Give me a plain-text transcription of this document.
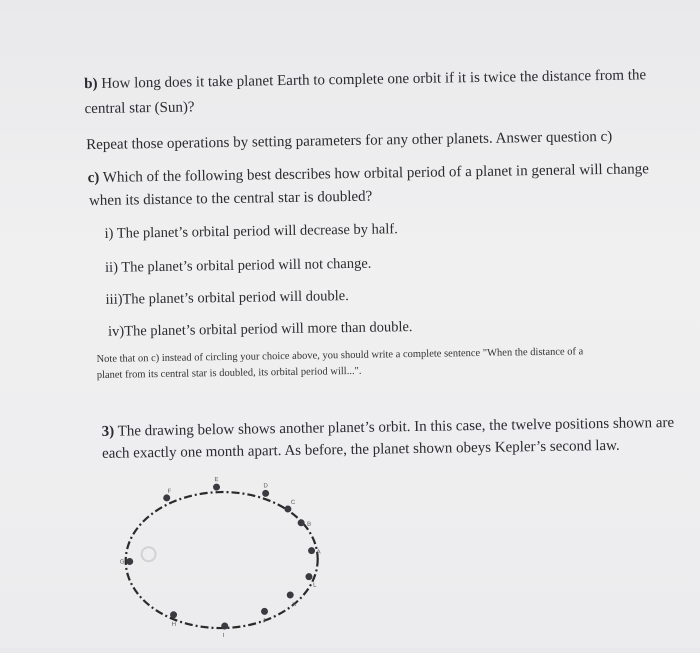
b) How long does it take planet Earth to complete one orbit if it is twice the distance from the
central star (Sun)?
Repeat those operations by setting parameters for any other planets. Answer question c)
c) Which of the following best describes how orbital period of a planet in general will change
when its distance to the central star is doubled?
i) The planet’s orbital period will decrease by half.
ii) The planet’s orbital period will not change.
iii)The planet’s orbital period will double.
iv)The planet’s orbital period will more than double.
Note that on c) instead of circling your choice above, you should write a complete sentence "When the distance of a
planet from its central star is doubled, its orbital period will...".
3) The drawing below shows another planet’s orbit. In this case, the twelve positions shown are
each exactly one month apart. As before, the planet shown obeys Kepler’s second law.
A
B
C
D
E
F
G
H
I
J
K
L
